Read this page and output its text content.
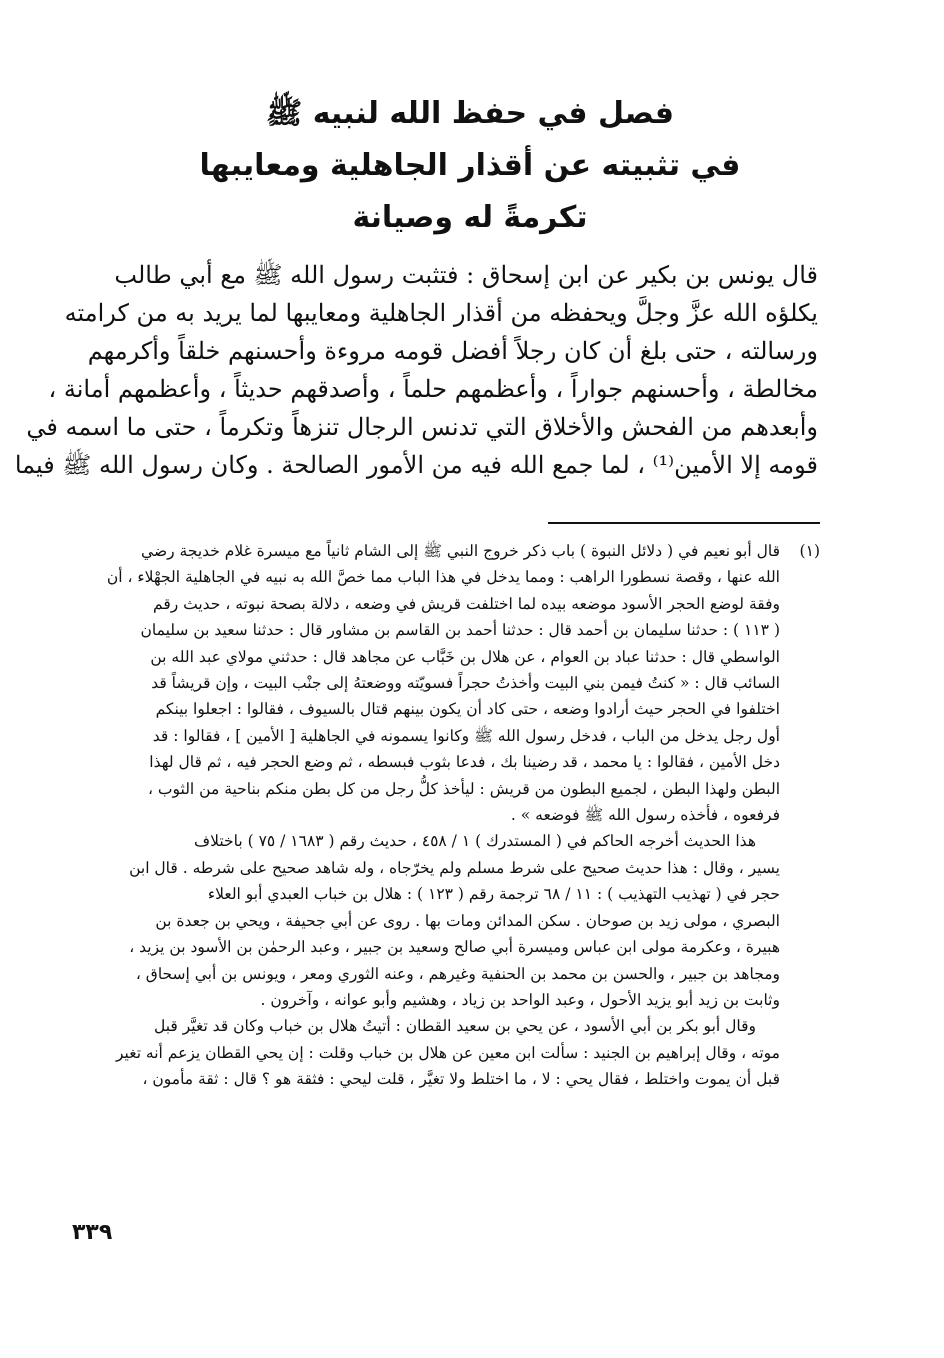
فصل في حفظ الله لنبيه ﷺ
في تثبيته عن أقذار الجاهلية ومعايبها
تكرمةً له وصيانة
قال يونس بن بكير عن ابن إسحاق : فتثبت رسول الله ﷺ مع أبي طالب
يكلؤه الله عزَّ وجلَّ ويحفظه من أقذار الجاهلية ومعايبها لما يريد به من كرامته
ورسالته ، حتى بلغ أن كان رجلاً أفضل قومه مروءة وأحسنهم خلقاً وأكرمهم
مخالطة ، وأحسنهم جواراً ، وأعظمهم حلماً ، وأصدقهم حديثاً ، وأعظمهم أمانة ،
وأبعدهم من الفحش والأخلاق التي تدنس الرجال تنزهاً وتكرماً ، حتى ما اسمه في
قومه إلا الأمين⁽¹⁾ ، لما جمع الله فيه من الأمور الصالحة . وكان رسول الله ﷺ فيما
(١)
قال أبو نعيم في ( دلائل النبوة ) باب ذكر خروج النبي ﷺ إلى الشام ثانياً مع ميسرة غلام خديجة رضي
الله عنها ، وقصة نسطورا الراهب : ومما يدخل في هذا الباب مما خصَّ الله به نبيه في الجاهلية الجهْلاء ، أن
وفقة لوضع الحجر الأسود موضعه بيده لما اختلفت قريش في وضعه ، دلالة بصحة نبوته ، حديث رقم
( ١١٣ ) : حدثنا سليمان بن أحمد قال : حدثنا أحمد بن القاسم بن مشاور قال : حدثنا سعيد بن سليمان
الواسطي قال : حدثنا عباد بن العوام ، عن هلال بن خَبَّاب عن مجاهد قال : حدثني مولاي عبد الله بن
السائب قال : « كنتُ فيمن بني البيت وأخذتُ حجراً فسويّته ووضعتهُ إلى جنْب البيت ، وإن قريشاً قد
اختلفوا في الحجر حيث أرادوا وضعه ، حتى كاد أن يكون بينهم قتال بالسيوف ، فقالوا : اجعلوا بينكم
أول رجل يدخل من الباب ، فدخل رسول الله ﷺ وكانوا يسمونه في الجاهلية [ الأمين ] ، فقالوا : قد
دخل الأمين ، فقالوا : يا محمد ، قد رضينا بك ، فدعا بثوب فبسطه ، ثم وضع الحجر فيه ، ثم قال لهذا
البطن ولهذا البطن ، لجميع البطون من قريش : ليأخذ كلُّ رجل من كل بطن منكم بناحية من الثوب ،
فرفعوه ، فأخذه رسول الله ﷺ فوضعه » .
هذا الحديث أخرجه الحاكم في ( المستدرك ) ١ / ٤٥٨ ، حديث رقم ( ١٦٨٣ / ٧٥ ) باختلاف
يسير ، وقال : هذا حديث صحيح على شرط مسلم ولم يخرّجاه ، وله شاهد صحيح على شرطه . قال ابن
حجر في ( تهذيب التهذيب ) : ١١ / ٦٨ ترجمة رقم ( ١٢٣ ) : هلال بن خباب العبدي أبو العلاء
البصري ، مولى زيد بن صوحان . سكن المدائن ومات بها . روى عن أبي جحيفة ، ويحي بن جعدة بن
هبيرة ، وعكرمة مولى ابن عباس وميسرة أبي صالح وسعيد بن جبير ، وعبد الرحمٰن بن الأسود بن يزيد ،
ومجاهد بن جبير ، والحسن بن محمد بن الحنفية وغيرهم ، وعنه الثوري ومعر ، ويونس بن أبي إسحاق ،
وثابت بن زيد أبو يزيد الأحول ، وعبد الواحد بن زياد ، وهشيم وأبو عوانه ، وآخرون .
وقال أبو بكر بن أبي الأسود ، عن يحي بن سعيد القطان : أتيتُ هلال بن خباب وكان قد تغيَّر قبل
موته ، وقال إبراهيم بن الجنيد : سألت ابن معين عن هلال بن خباب وقلت : إن يحي القطان يزعم أنه تغير
قبل أن يموت واختلط ، فقال يحي : لا ، ما اختلط ولا تغيَّر ، قلت ليحي : فثقة هو ؟ قال : ثقة مأمون ،
٣٣٩
